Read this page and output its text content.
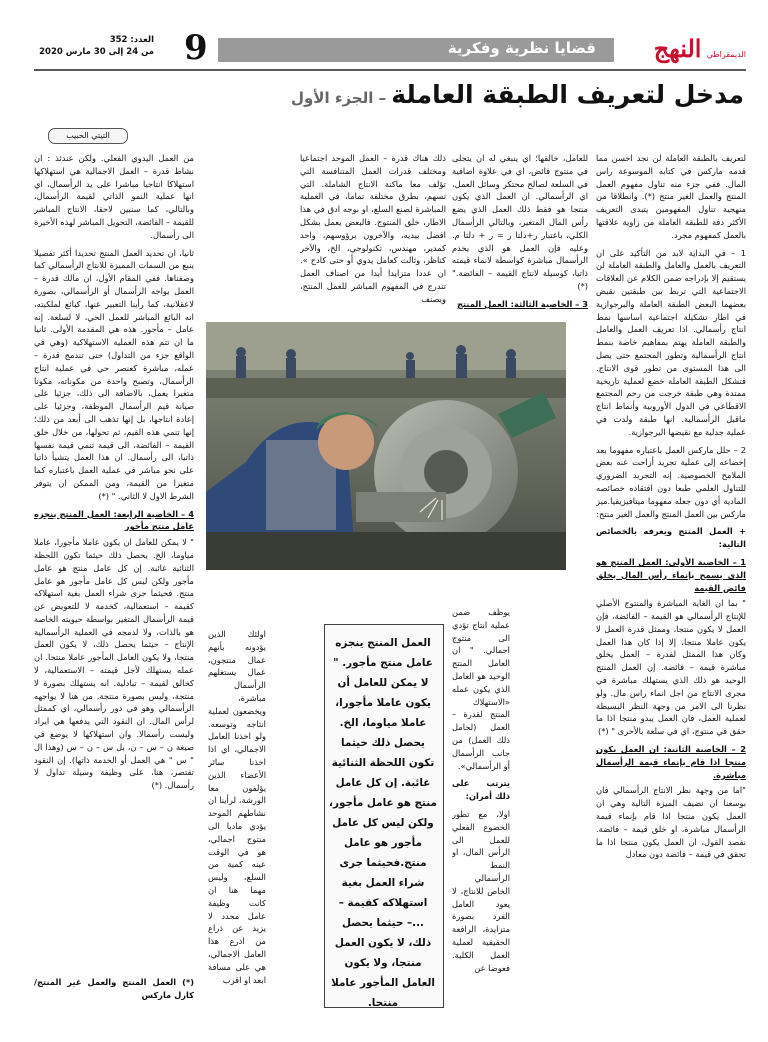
العدد: 352
من 24 إلى 30 مارس 2020 9	قضايا نظرية وفكرية	الديمقراطي النهج
مدخل لتعريف الطبقة العاملة – الجزء الأول
التيتي الحبيب

لتعريف بالطبقة العاملة لن نجد احسن مما قدمه ماركس في كتابه الموسوعة راس المال. ففي جزء منه تناول مفهوم العمل المنتج والعمل الغير منتج (*). وانطلاقا من منهجية تناول المفهومين يتبدى التعريف الأكثر دقة للطبقة العاملة من زاوية علاقتها بالعمل كمفهوم مجرد.

1 – في البداية لابد من التأكيد على ان التعريف بالعمل والعامل والطبقة العاملة لن يستقيم إلا بإدراجه ضمن الكلام عن العلاقات الاجتماعية التي تربط بين طبقتين نقيض بعضهما البعض الطبقة العاملة والبرجوازية في اطار تشكيلة اجتماعية اساسها نمط انتاج رأسمالي. اذا تعريف العمل والعامل والطبقة العاملة يهتم بمفاهيم خاصة بنمط انتاج الرأسمالية وتطور المجتمع حتى يصل الى هذا المستوى من تطور قوى الانتاج. فتشكل الطبقة العاملة خضع لعملية تاريخية ممتدة وهي طبقة خرجت من رحم المجتمع الاقطاعي في الدول الأوروبية وأنماط انتاج ماقبل الرأسمالية. انها طبقة ولدت في عملية جدلية مع نقيضها البرجوازية.

2 – حلل ماركس العمل باعتباره مفهوما بعد إخضاعه إلى عملية تجريد أزاحت عنه بعض الملامح الخصوصية. إنه التجريد الضروري للتناول العلمي طبعا دون افتقاده خصائصه المادية أي دون جعله مفهوما ميتافيزيقيا.ميز ماركس بين العمل المنتج والعمل الغير منتج:

+ العمل المنتج ويعرفه بالخصائص التالية:

1 – الخاصية الأولى: العمل المنتج هو الذي يسمح بإنماء رأس المال بخلق فائض القيمة

" بما ان الغاية المباشرة والمنتوج الأصلي للإنتاج الرأسمالي هو القيمة – الفائضة، فإن العمل لا يكون منتجا، وممثل قدرة العمل لا يكون عاملا منتجا، إلا إذا كان هذا العمل وكان هذا الممثل لقدرة – العمل يخلق مباشرة قيمة – فائضة. إن العمل المنتج الوحيد هو ذلك الذي يستهلك مباشرة في مجرى الانتاج من اجل انماء راس مال. ولو نظرنا الى الامر من وجهة النظر البسيطة لعملية العمل، فان العمل يبدو منتجا اذا ما حقق في منتوج، اي في سلعة بالأحرى " (*)

2 – الخاصية الثانية: ان العمل يكون منتجا اذا قام بإنماء قيمة الرأسمال مباشرة.

"اما من وجهة نظر الانتاج الرأسمالي فان بوسعنا ان نضيف الميزة التالية وهي ان العمل يكون منتجا اذا قام بإنماء قيمة الرأسمال مباشرة، او خلق قيمة – فائضة. نقصد القول، ان العمل يكون منتجا اذا ما تحقق في قيمة – فائضة دون معادل

للعامل، خالقها؛ اي ينبغي له ان يتجلى في منتوج فائض، اي في علاوة اضافية في السلعة لصالح محتكر وسائل العمل، اي الرأسمالي. ان العمل الذي يكون منتجا هو فقط ذلك العمل الذي يضع رأس المال المتغير، وبالتالي الرأسمال الكلي، باعتبار ر+دلتا ر = ر + دلتا م. وعليه فإن العمل هو الذي يخدم الرأسمال مباشرة كواسطة لانماء قيمته ذاتيا، كوسيلة لانتاج القيمة – الفائضة." (*)

3 – الخاصية الثالثة: العمل المنتج

ذلك هناك قدرة – العمل الموحد اجتماعيا ومختلف قدرات العمل المتنافسة التي تؤلف معا ماكنة الانتاج الشاملة. التي تسهم، بطرق مختلفة تماما، في العملية المباشرة لصنع السلع، او بوجه ادق في هذا الاطار، خلق المنتوج. فالبعض يعمل بشكل افضل بيديه، والآخرون برؤوسهم، واحد كمدير، مهندس، تكنولوجي، الخ، والآخر كناظر، وثالث كعامل يدوي أو حتى كادح ». ان عددا متزايدا أبدا من اصناف العمل تندرج في المفهوم المباشر للعمل المنتج، ويصنف

من العمل اليدوي الفعلي. ولكن عندئذ : ان نشاط قدرة – العمل الاجمالية هي استهلاكها استهلاكا انتاجيا مباشرا على يد الرأسمال، اي انها عملية النمو الذاتي لقيمة الرأسمال، وبالتالي، كما سنبين لاحقا، الانتاج المباشر للقيمة – الفائضة، التحويل المباشر لهذه الأخيرة الى رأسمال.

ثانيا، ان تحديد العمل المنتج تحديدا أكثر تفصيلا ينبع من السمات المميزة للانتاج الرأسمالي كما وصفناها. ففي المقام الأول، ان مالك قدرة – العمل يواجه الرأسمال أو الرأسمالي، بصورة لاعقلانية، كما رأينا التعبير عنها، كبائع لملكيته، انه البائع المباشر للعمل الحي، لا لسلعة. إنه عامل – مأجور. هذه هي المقدمة الأولى. ثانيا ما ان تتم هذه العملية الاستهلاكية (وهي في الواقع جزء من التداول) حتى تندمج قدرة – عمله، مباشرة كعنصر حي في عملية انتاج الرأسمال، وتصبح واحدة من مكوناته، مكونا متغيرا يعمل، بالاضافة الى ذلك، جزئيا على صيانة قيم الرأسمال الموظفة، وجزئيا على إعادة انتاجها، بل إنها تذهب الى أبعد من ذلك؛ إنها تنمي هذه القيم، ثم تحولها، من خلال خلق القيمة – الفائضة، الى قيمة تنمي قيمة نفسها ذاتيا، الى رأسمال. ان هذا العمل يتشيأ ذاتيا على نحو مباشر في عملية العمل باعتباره كما متغيرا من القيمة، ومن الممكن ان يتوفر الشرط الاول لا الثاني. " (*)

4 – الخاصية الرابعة: العمل المنتج ينجزه عامل منتج مأجور

" لا يمكن للعامل ان يكون عاملا مأجورا، عاملا مياوما، الخ. يحصل ذلك حيثما تكون اللحظة الثنائية غائبة. إن كل عامل منتج هو عامل مأجور ولكن ليس كل عامل مأجور هو عامل منتج. فحيثما جرى شراء العمل بغية استهلاكه كقيمة – استعمالية، كخدمة لا للتعويض عن قيمة الرأسمال المتغير بواسطة حيويته الخاصة هو بالذات، ولا لدمجه في العملية الرأسمالية الإنتاج – حيثما يحصل ذلك، لا يكون العمل منتجا، ولا يكون العامل المأجور عاملا منتجا. ان عمله يستهلك لأجل قيمته – الاستعمالية، لا كخالق لقيمة – تبادلية. انه يستهلك بصورة لا منتجة، وليس بصورة منتجة. من هنا لا يواجهه الرأسمالي وهو في دور رأسمالي، اي كممثل لرأس المال. ان النقود التي يدفعها هي ايراد وليست رأسمالا. وان استهلاكها لا يوضع في صيغة ن – س – ن، بل س – ن – س (وهذا ال " س " هي العمل أو الخدمة ذاتها). إن النقود تقتصر، هنا، على وظيفة وسيلة تداول لا رأسمال. (*)

(*) العمل المنتج والعمل غير المنتج/ كارل ماركس

يوظف ضمن عملية انتاج تؤدي الى منتوج اجمالي. " ان العامل المنتج الوحيد هو العامل الذي يكون عمله «الاستهلاك المنتج لقدرة – العمل (لحامل ذلك العمل) من جانب الرأسمال أو الرأسمالي».

يترتب على ذلك أمران:

اولا، مع تطور الخضوع الفعلي للعمل الى الرأس المال، او النمط الرأسمالي الخاص للانتاج، لا يعود العامل الفرد بصورة متزايدة، الرافعة الحقيقية لعملية العمل الكلية. فعوضا عن

العمل المنتج ينجزه عامل منتج مأجور. " لا يمكن للعامل أن يكون عاملا مأجورا، عاملا مياوما، الخ. يحصل ذلك حيثما تكون اللحظة الثنائية غائبة. إن كل عامل منتج هو عامل مأجور، ولكن ليس كل عامل مأجور هو عامل منتج.فحيثما جرى شراء العمل بغية استهلاكه كقيمة – ...– حيثما يحصل ذلك، لا يكون العمل منتجا، ولا يكون العامل المأجور عاملا منتجا.

اولئك الذين يؤدونه بأنهم عمال منتجون، عمال يستغلهم الرأسمال مباشرة، ويخضعون لعملية انتاجه وتوسعه. ولو اخذنا العامل الاجمالي، اي اذا اخذنا سائر الأعضاء الذين يؤلفون معا الورشة، لرأينا ان نشاطهم الموحد يؤدي ماديا الى منتوج اجمالي، هو في الوقت عينه كمية من السلع، وليس مهما هنا ان كانت وظيفة عامل محدد لا يزيد عن ذراع من اذرع هذا العامل الاجمالي، هي على مسافة ابعد او اقرب
